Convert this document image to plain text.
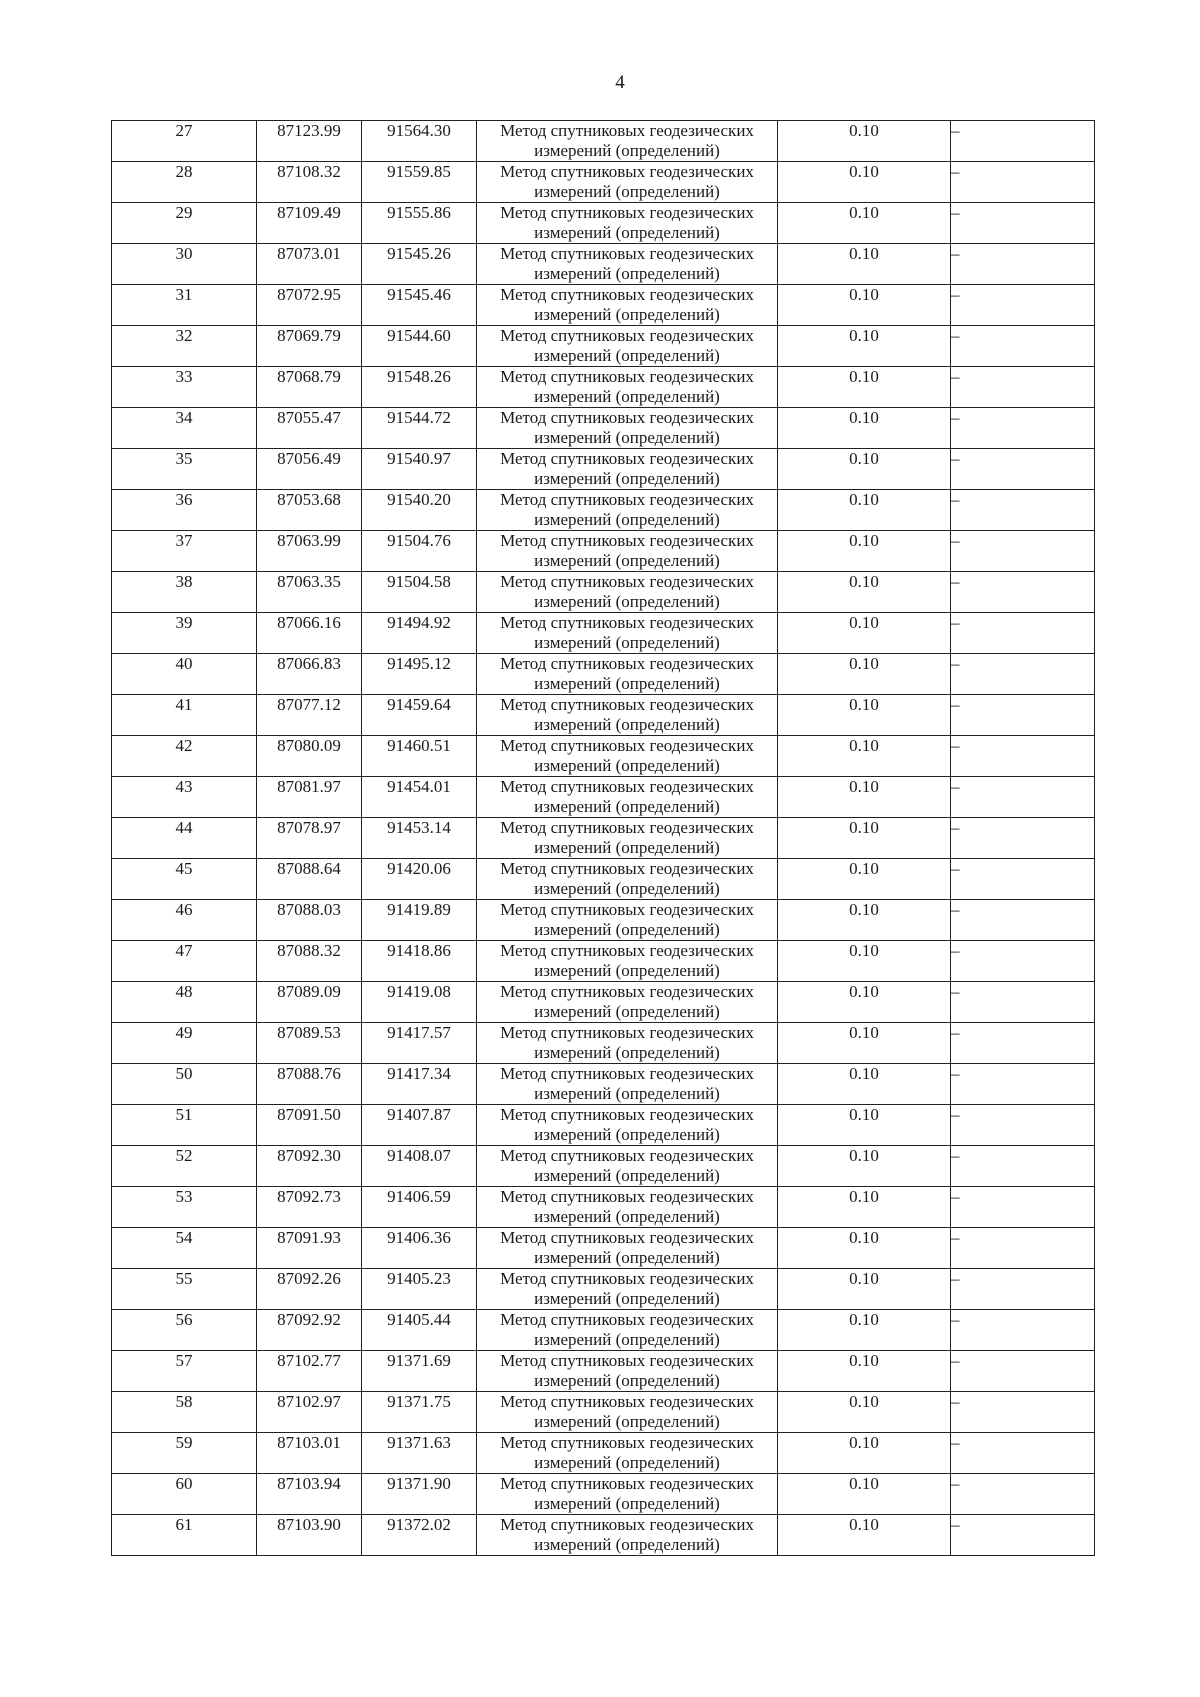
4
27	87123.99	91564.30	Метод спутниковых геодезических
измерений (определений)	0.10	–
28	87108.32	91559.85	Метод спутниковых геодезических
измерений (определений)	0.10	–
29	87109.49	91555.86	Метод спутниковых геодезических
измерений (определений)	0.10	–
30	87073.01	91545.26	Метод спутниковых геодезических
измерений (определений)	0.10	–
31	87072.95	91545.46	Метод спутниковых геодезических
измерений (определений)	0.10	–
32	87069.79	91544.60	Метод спутниковых геодезических
измерений (определений)	0.10	–
33	87068.79	91548.26	Метод спутниковых геодезических
измерений (определений)	0.10	–
34	87055.47	91544.72	Метод спутниковых геодезических
измерений (определений)	0.10	–
35	87056.49	91540.97	Метод спутниковых геодезических
измерений (определений)	0.10	–
36	87053.68	91540.20	Метод спутниковых геодезических
измерений (определений)	0.10	–
37	87063.99	91504.76	Метод спутниковых геодезических
измерений (определений)	0.10	–
38	87063.35	91504.58	Метод спутниковых геодезических
измерений (определений)	0.10	–
39	87066.16	91494.92	Метод спутниковых геодезических
измерений (определений)	0.10	–
40	87066.83	91495.12	Метод спутниковых геодезических
измерений (определений)	0.10	–
41	87077.12	91459.64	Метод спутниковых геодезических
измерений (определений)	0.10	–
42	87080.09	91460.51	Метод спутниковых геодезических
измерений (определений)	0.10	–
43	87081.97	91454.01	Метод спутниковых геодезических
измерений (определений)	0.10	–
44	87078.97	91453.14	Метод спутниковых геодезических
измерений (определений)	0.10	–
45	87088.64	91420.06	Метод спутниковых геодезических
измерений (определений)	0.10	–
46	87088.03	91419.89	Метод спутниковых геодезических
измерений (определений)	0.10	–
47	87088.32	91418.86	Метод спутниковых геодезических
измерений (определений)	0.10	–
48	87089.09	91419.08	Метод спутниковых геодезических
измерений (определений)	0.10	–
49	87089.53	91417.57	Метод спутниковых геодезических
измерений (определений)	0.10	–
50	87088.76	91417.34	Метод спутниковых геодезических
измерений (определений)	0.10	–
51	87091.50	91407.87	Метод спутниковых геодезических
измерений (определений)	0.10	–
52	87092.30	91408.07	Метод спутниковых геодезических
измерений (определений)	0.10	–
53	87092.73	91406.59	Метод спутниковых геодезических
измерений (определений)	0.10	–
54	87091.93	91406.36	Метод спутниковых геодезических
измерений (определений)	0.10	–
55	87092.26	91405.23	Метод спутниковых геодезических
измерений (определений)	0.10	–
56	87092.92	91405.44	Метод спутниковых геодезических
измерений (определений)	0.10	–
57	87102.77	91371.69	Метод спутниковых геодезических
измерений (определений)	0.10	–
58	87102.97	91371.75	Метод спутниковых геодезических
измерений (определений)	0.10	–
59	87103.01	91371.63	Метод спутниковых геодезических
измерений (определений)	0.10	–
60	87103.94	91371.90	Метод спутниковых геодезических
измерений (определений)	0.10	–
61	87103.90	91372.02	Метод спутниковых геодезических
измерений (определений)	0.10	–
